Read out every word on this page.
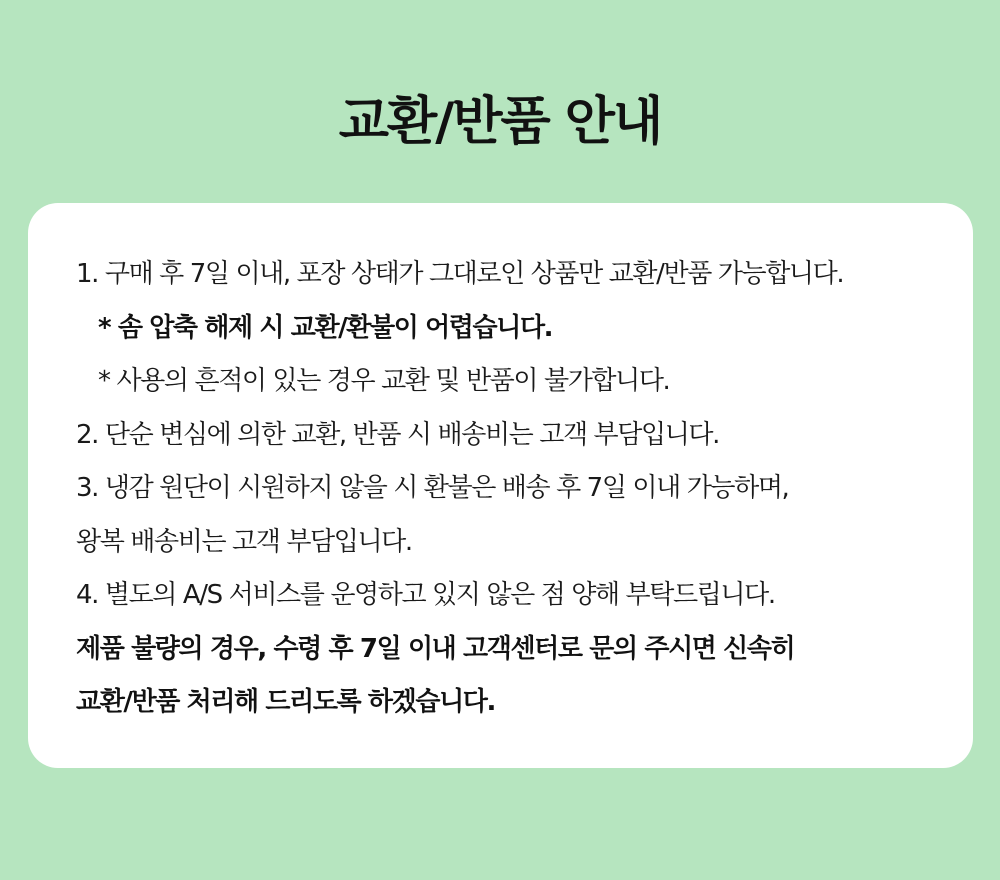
교환/반품 안내
1. 구매 후 7일 이내, 포장 상태가 그대로인 상품만 교환/반품 가능합니다.
* 솜 압축 해제 시 교환/환불이 어렵습니다.
* 사용의 흔적이 있는 경우 교환 및 반품이 불가합니다.
2. 단순 변심에 의한 교환, 반품 시 배송비는 고객 부담입니다.
3. 냉감 원단이 시원하지 않을 시 환불은 배송 후 7일 이내 가능하며,
왕복 배송비는 고객 부담입니다.
4. 별도의 A/S 서비스를 운영하고 있지 않은 점 양해 부탁드립니다.
제품 불량의 경우, 수령 후 7일 이내 고객센터로 문의 주시면 신속히
교환/반품 처리해 드리도록 하겠습니다.
